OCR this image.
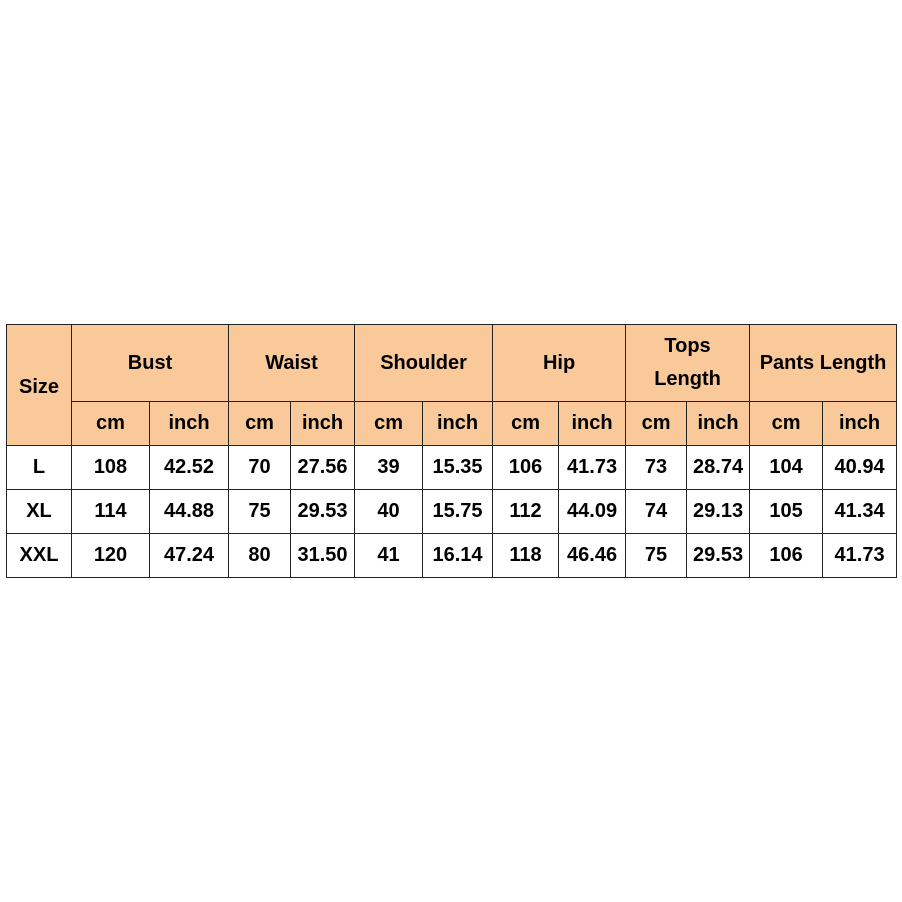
Size	Bust		Waist		Shoulder		Hip		Tops Length		Pants Length	
	cm	inch	cm	inch	cm	inch	cm	inch	cm	inch	cm	inch
L	108	42.52	70	27.56	39	15.35	106	41.73	73	28.74	104	40.94
XL	114	44.88	75	29.53	40	15.75	112	44.09	74	29.13	105	41.34
XXL	120	47.24	80	31.50	41	16.14	118	46.46	75	29.53	106	41.73
